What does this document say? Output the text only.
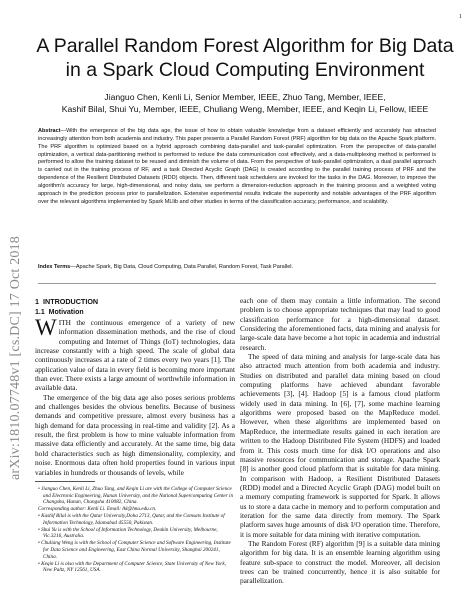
1
arXiv:1810.07748v1 [cs.DC] 17 Oct 2018
A Parallel Random Forest Algorithm for Big Data in a Spark Cloud Computing Environment
Jianguo Chen, Kenli Li, Senior Member, IEEE, Zhuo Tang, Member, IEEE,
Kashif Bilal, Shui Yu, Member, IEEE, Chuliang Weng, Member, IEEE, and Keqin Li, Fellow, IEEE
Abstract—With the emergence of the big data age, the issue of how to obtain valuable knowledge from a dataset efficiently and accurately has attracted increasingly attention from both academia and industry. This paper presents a Parallel Random Forest (PRF) algorithm for big data on the Apache Spark platform. The PRF algorithm is optimized based on a hybrid approach combining data-parallel and task-parallel optimization. From the perspective of data-parallel optimization, a vertical data-partitioning method is performed to reduce the data communication cost effectively, and a data-multiplexing method is performed is performed to allow the training dataset to be reused and diminish the volume of data. From the perspective of task-parallel optimization, a dual parallel approach is carried out in the training process of RF, and a task Directed Acyclic Graph (DAG) is created according to the parallel training process of PRF and the dependence of the Resilient Distributed Datasets (RDD) objects. Then, different task schedulers are invoked for the tasks in the DAG. Moreover, to improve the algorithm's accuracy for large, high-dimensional, and noisy data, we perform a dimension-reduction approach in the training process and a weighted voting approach in the prediction process prior to parallelization. Extensive experimental results indicate the superiority and notable advantages of the PRF algorithm over the relevant algorithms implemented by Spark MLlib and other studies in terms of the classification accuracy, performance, and scalability.
Index Terms—Apache Spark, Big Data, Cloud Computing, Data Parallel, Random Forest, Task Parallel.
1 INTRODUCTION
1.1 Motivation

WITH the continuous emergence of a variety of new information dissemination methods, and the rise of cloud computing and Internet of Things (IoT) technologies, data increase constantly with a high speed. The scale of global data continuously increases at a rate of 2 times every two years [1]. The application value of data in every field is becoming more important than ever. There exists a large amount of worthwhile information in available data.

The emergence of the big data age also poses serious problems and challenges besides the obvious benefits. Because of business demands and competitive pressure, almost every business has a high demand for data processing in real-time and validity [2]. As a result, the first problem is how to mine valuable information from massive data efficiently and accurately. At the same time, big data hold characteristics such as high dimensionality, complexity, and noise. Enormous data often hold properties found in various input variables in hundreds or thousands of levels, while

• Jianguo Chen, Kenli Li, Zhuo Tang, and Keqin Li are with the College of Computer Science and Electronic Engineering, Hunan University, and the National Supercomputing Center in Changsha, Hunan, Changsha 410082, China.

Corresponding author: Kenli Li. Email: lkl@hnu.edu.cn.

• Kashif Bilal is with the Qatar University,Doha 2713, Qatar, and the Comsats Institute of Information Technology, Islamabad 45550, Pakistan.

• Shui Yu is with the School of Information Technology, Deakin University, Melbourne, Vic.3216, Australia.

• Chuliang Weng is with the School of Computer Science and Software Engineering, Institute for Data Science and Engineering, East China Normal University, Shanghai 200241, China.

• Keqin Li is also with the Department of Computer Science, State University of New York, New Paltz, NY 12561, USA.

each one of them may contain a little information. The second problem is to choose appropriate techniques that may lead to good classification performance for a high-dimensional dataset. Considering the aforementioned facts, data mining and analysis for large-scale data have become a hot topic in academia and industrial research.

The speed of data mining and analysis for large-scale data has also attracted much attention from both academia and industry. Studies on distributed and parallel data mining based on cloud computing platforms have achieved abundant favorable achievements [3], [4]. Hadoop [5] is a famous cloud platform widely used in data mining. In [6], [7], some machine learning algorithms were proposed based on the MapReduce model. However, when these algorithms are implemented based on MapReduce, the intermediate results gained in each iteration are written to the Hadoop Distributed File System (HDFS) and loaded from it. This costs much time for disk I/O operations and also massive resources for communication and storage. Apache Spark [8] is another good cloud platform that is suitable for data mining. In comparison with Hadoop, a Resilient Distributed Datasets (RDD) model and a Directed Acyclic Graph (DAG) model built on a memory computing framework is supported for Spark. It allows us to store a data cache in memory and to perform computation and iteration for the same data directly from memory. The Spark platform saves huge amounts of disk I/O operation time. Therefore, it is more suitable for data mining with iterative computation.

The Random Forest (RF) algorithm [9] is a suitable data mining algorithm for big data. It is an ensemble learning algorithm using feature sub-space to construct the model. Moreover, all decision trees can be trained concurrently, hence it is also suitable for parallelization.
